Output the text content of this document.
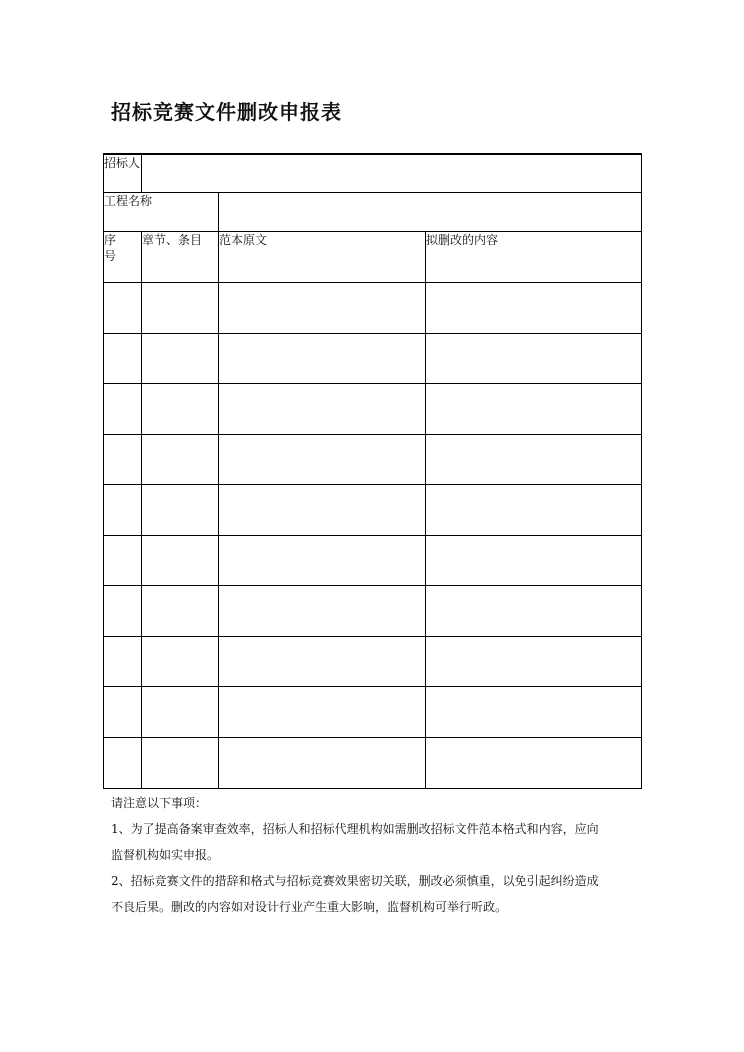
招标竞赛文件删改申报表
招标人			
工程名称			

序
号	章节、条目	范本原文	拟删改的内容

请注意以下事项：

1、为了提高备案审查效率，招标人和招标代理机构如需删改招标文件范本格式和内容，应向

监督机构如实申报。

2、招标竞赛文件的措辞和格式与招标竞赛效果密切关联，删改必须慎重，以免引起纠纷造成

不良后果。删改的内容如对设计行业产生重大影响，监督机构可举行听政。
